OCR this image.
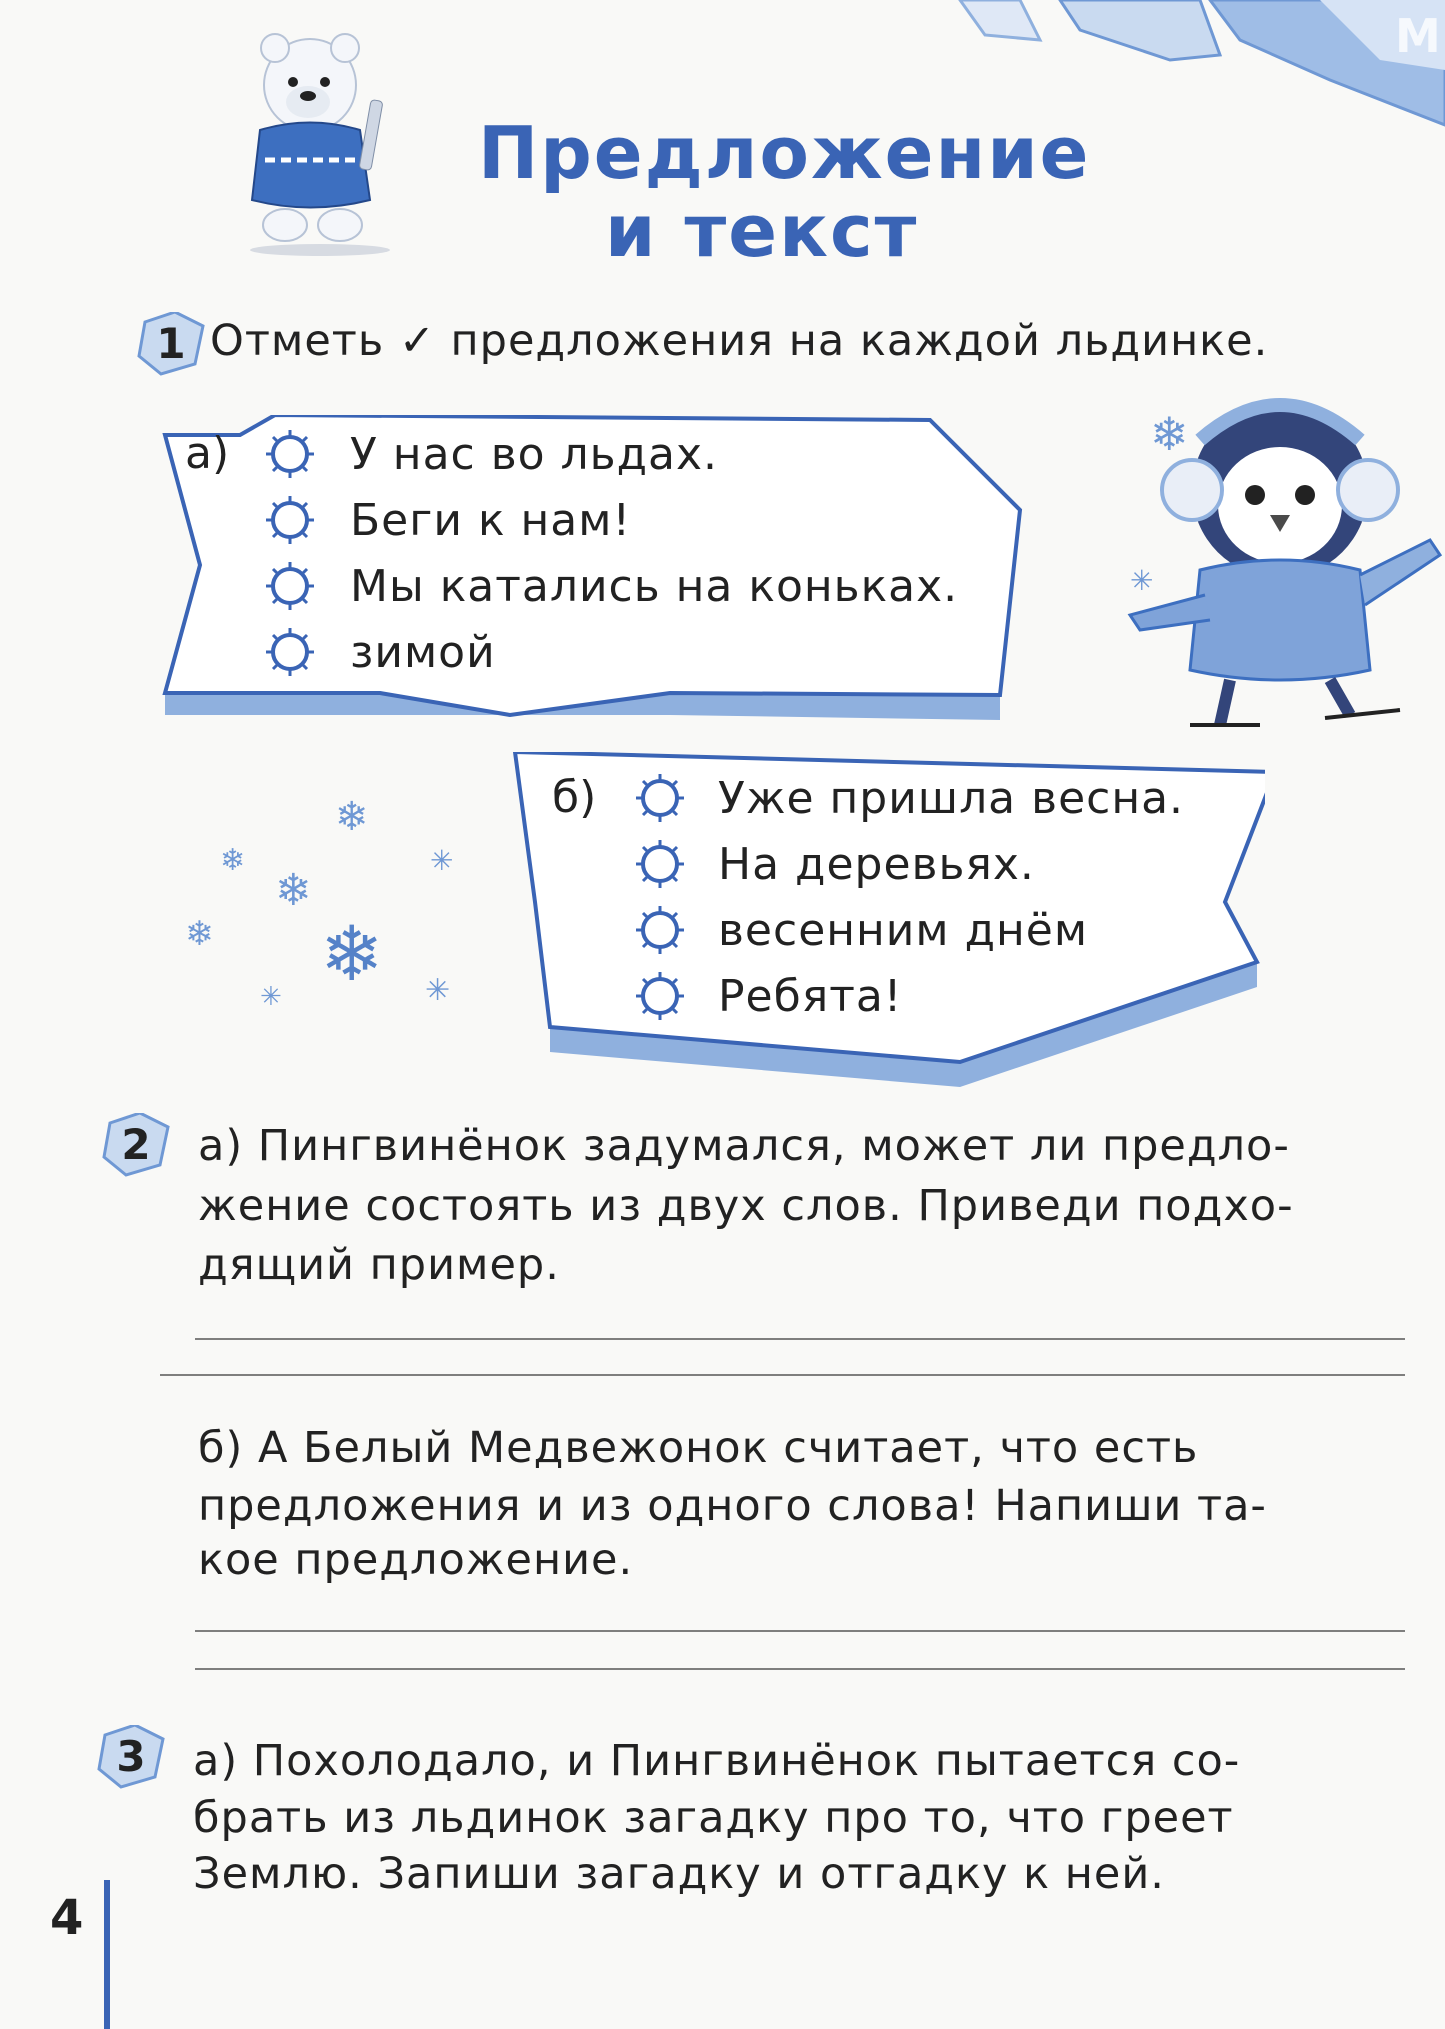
М
❄
✳
❄
❄
❄
❄ ❄
✳
✳
✳
Предложение
и текст
1 Отметь ✓ предложения на каждой льдинке.
а)	У нас во льдах.
Беги к нам!
Мы катались на коньках.
зимой
б)	Уже пришла весна.
На деревьях.
весенним днём
Ребята!
2	а) Пингвинёнок задумался, может ли предло-
жение состоять из двух слов. Приведи подхо-
дящий пример.
б) А Белый Медвежонок считает, что есть
предложения и из одного слова! Напиши та-
кое предложение.
3	а) Похолодало, и Пингвинёнок пытается со-
брать из льдинок загадку про то, что греет
Землю. Запиши загадку и отгадку к ней.
4
